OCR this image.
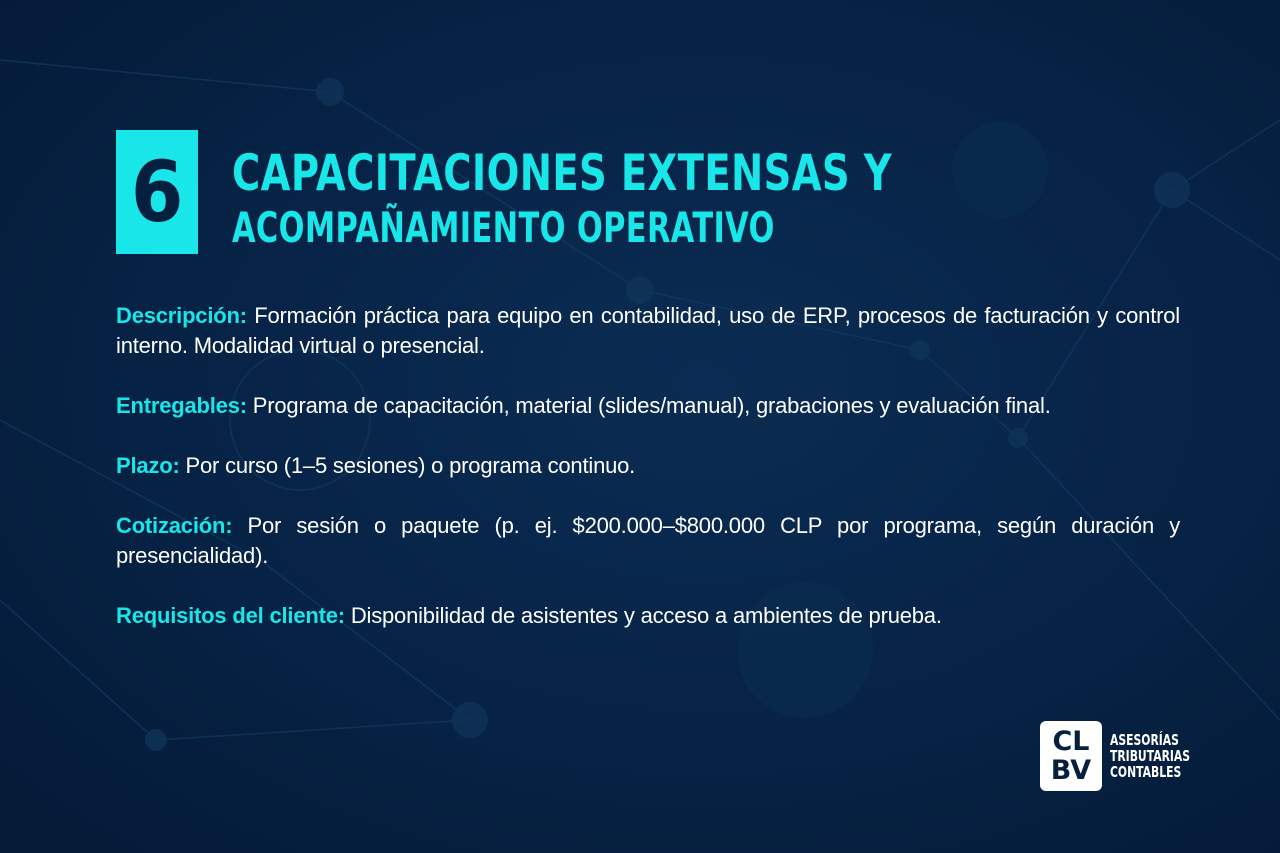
6 CAPACITACIONES EXTENSAS Y
ACOMPAÑAMIENTO OPERATIVO

Descripción: Formación práctica para equipo en contabilidad, uso de ERP, procesos de facturación y control interno. Modalidad virtual o presencial.

Entregables: Programa de capacitación, material (slides/manual), grabaciones y evaluación final.

Plazo: Por curso (1–5 sesiones) o programa continuo.

Cotización: Por sesión o paquete (p. ej. $200.000–$800.000 CLP por programa, según duración y presencialidad).

Requisitos del cliente: Disponibilidad de asistentes y acceso a ambientes de prueba.

CL
BV
ASESORÍAS
TRIBUTARIAS
CONTABLES
